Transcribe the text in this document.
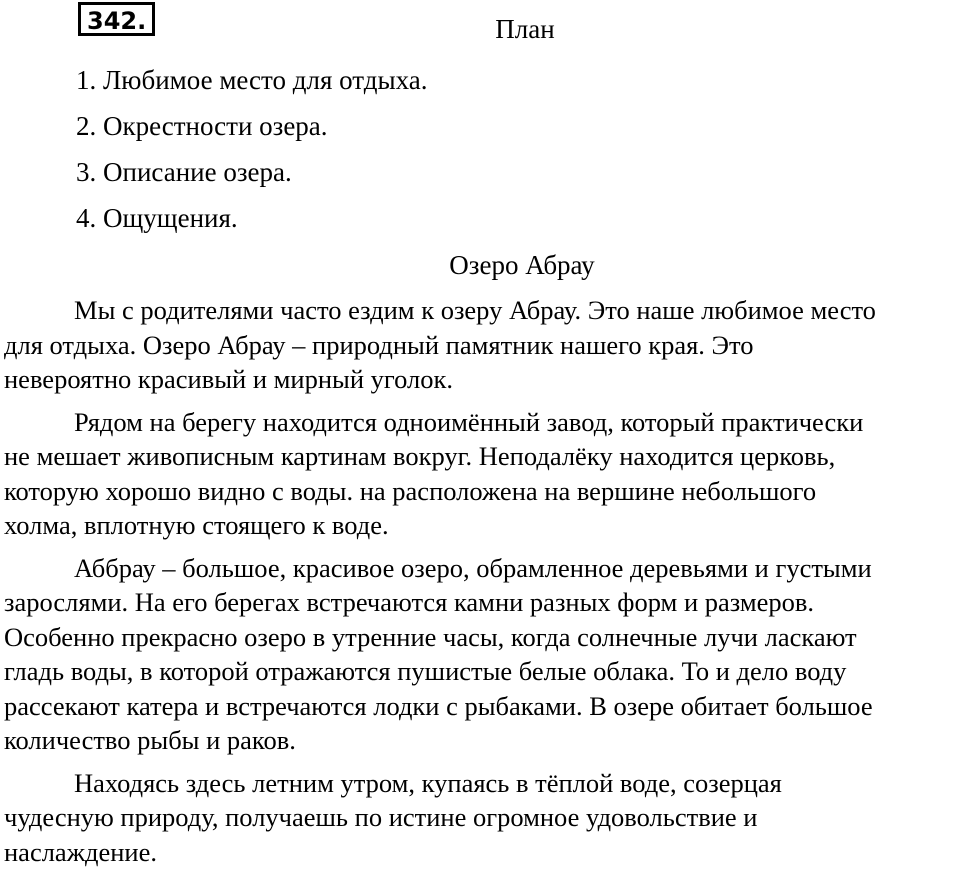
342.	План
1. Любимое место для отдыха.
2. Окрестности озера.
3. Описание озера.
4. Ощущения.
Озеро Абрау

Мы с родителями часто ездим к озеру Абрау. Это наше любимое место
для отдыха. Озеро Абрау – природный памятник нашего края. Это
невероятно красивый и мирный уголок.

Рядом на берегу находится одноимённый завод, который практически
не мешает живописным картинам вокруг. Неподалёку находится церковь,
которую хорошо видно с воды. на расположена на вершине небольшого
холма, вплотную стоящего к воде.

Аббрау – большое, красивое озеро, обрамленное деревьями и густыми
зарослями. На его берегах встречаются камни разных форм и размеров.
Особенно прекрасно озеро в утренние часы, когда солнечные лучи ласкают
гладь воды, в которой отражаются пушистые белые облака. То и дело воду
рассекают катера и встречаются лодки с рыбаками. В озере обитает большое
количество рыбы и раков.

Находясь здесь летним утром, купаясь в тёплой воде, созерцая
чудесную природу, получаешь по истине огромное удовольствие и
наслаждение.
